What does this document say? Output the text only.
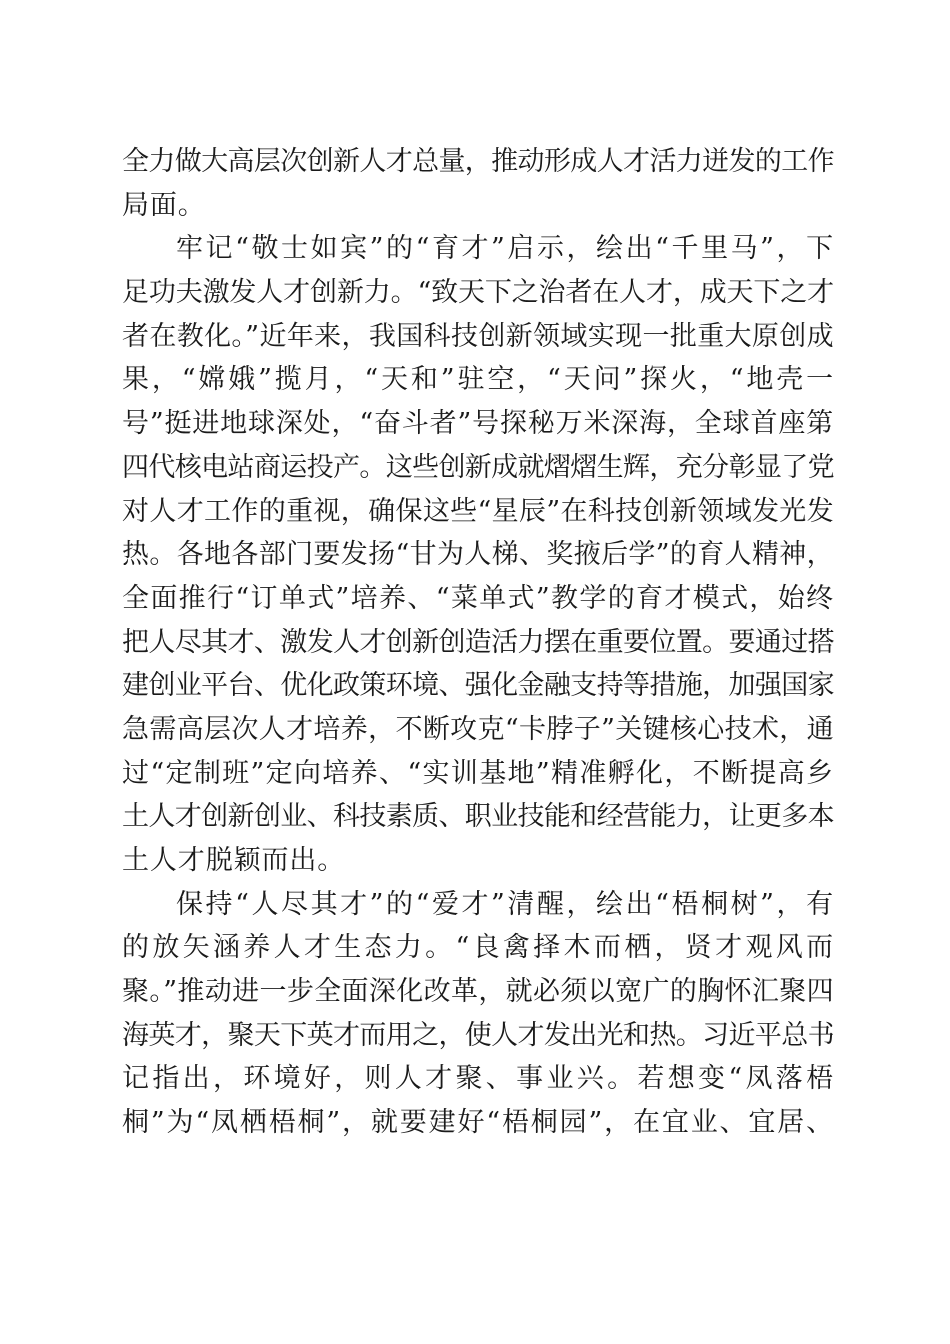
全力做大高层次创新人才总量，推动形成人才活力迸发的工作
局面。
牢记“敬士如宾”的“育才”启示，绘出“千里马”，下
足功夫激发人才创新力。“致天下之治者在人才，成天下之才
者在教化。”近年来，我国科技创新领域实现一批重大原创成
果，“嫦娥”揽月，“天和”驻空，“天问”探火，“地壳一
号”挺进地球深处，“奋斗者”号探秘万米深海，全球首座第
四代核电站商运投产。这些创新成就熠熠生辉，充分彰显了党
对人才工作的重视，确保这些“星辰”在科技创新领域发光发
热。各地各部门要发扬“甘为人梯、奖掖后学”的育人精神，
全面推行“订单式”培养、“菜单式”教学的育才模式，始终
把人尽其才、激发人才创新创造活力摆在重要位置。要通过搭
建创业平台、优化政策环境、强化金融支持等措施，加强国家
急需高层次人才培养，不断攻克“卡脖子”关键核心技术，通
过“定制班”定向培养、“实训基地”精准孵化，不断提高乡
土人才创新创业、科技素质、职业技能和经营能力，让更多本
土人才脱颖而出。
保持“人尽其才”的“爱才”清醒，绘出“梧桐树”，有
的放矢涵养人才生态力。“良禽择木而栖，贤才观风而
聚。”推动进一步全面深化改革，就必须以宽广的胸怀汇聚四
海英才，聚天下英才而用之，使人才发出光和热。习近平总书
记指出，环境好，则人才聚、事业兴。若想变“凤落梧
桐”为“凤栖梧桐”，就要建好“梧桐园”，在宜业、宜居、
